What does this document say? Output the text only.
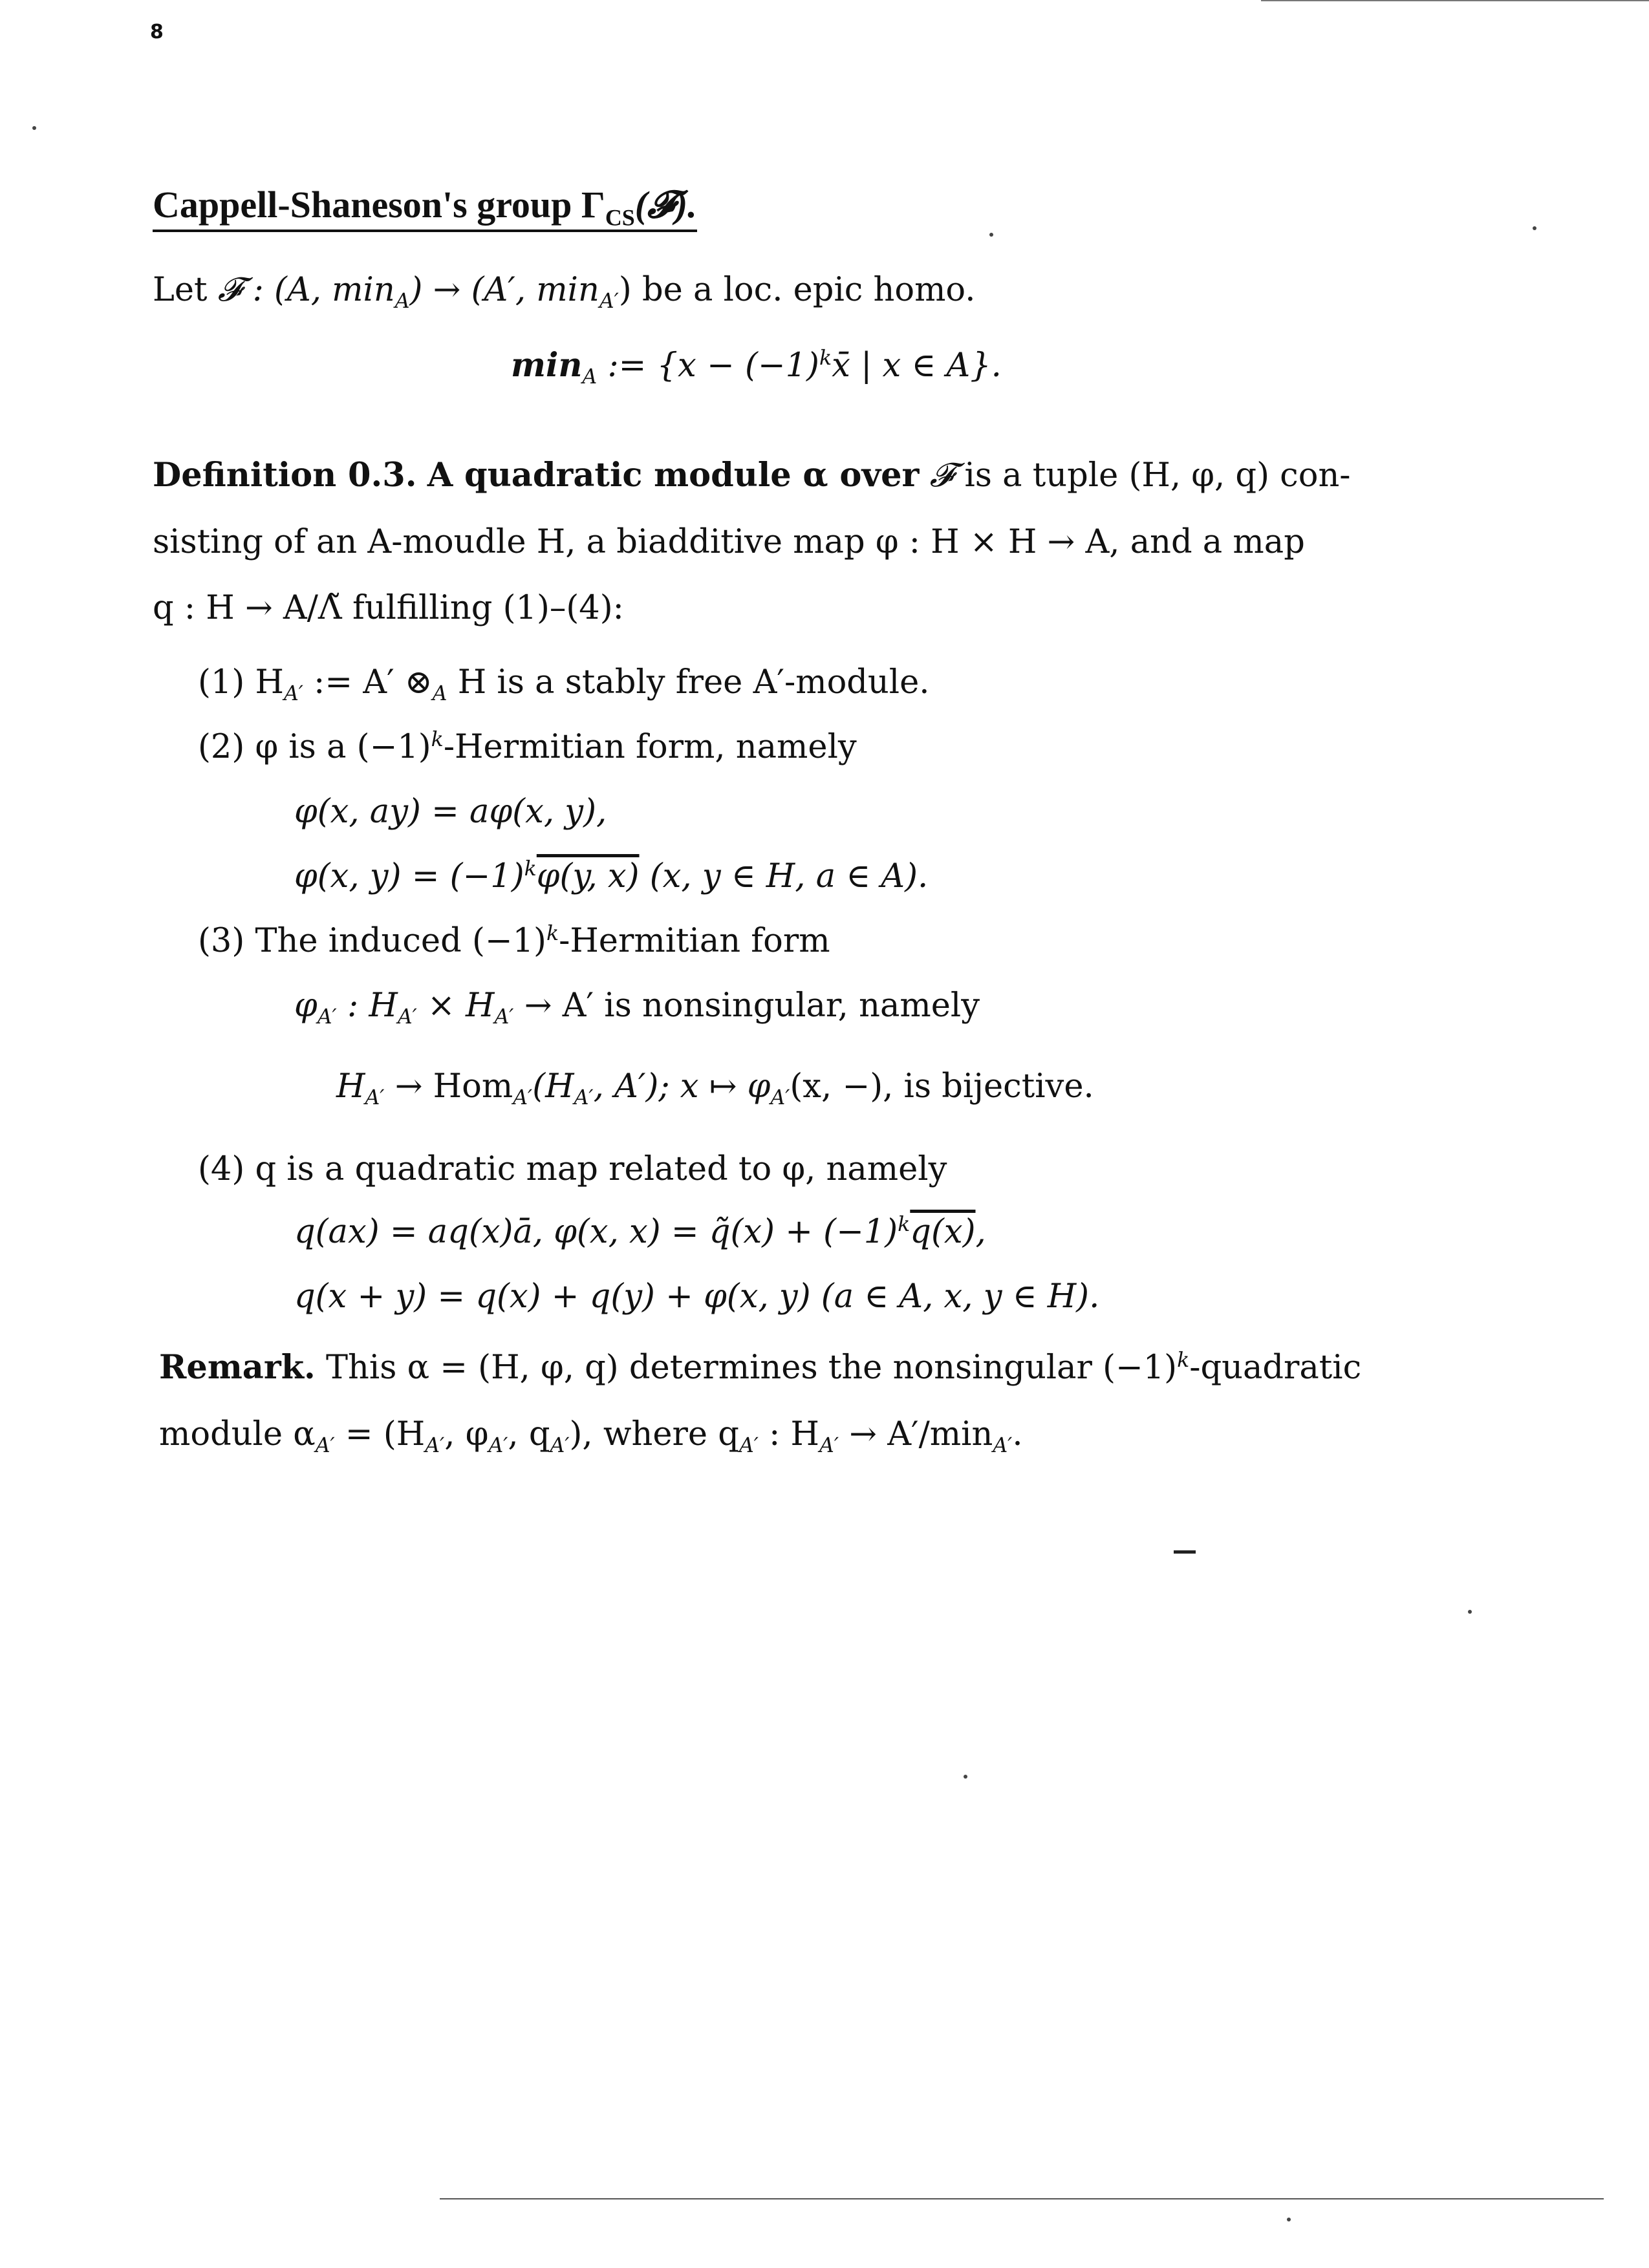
8
Cappell-Shaneson's group $\Gamma_{CS}(𝓕)$.
Let 𝓕 : (A, $\min_A) \to (A'$, $\min_{A'}$) be a loc. epic homo.
$\min_A$ := {$x - (-1)^kx̄$ | x ∈ A}.
Definition 0.3. A quadratic module α over 𝓕 is a tuple (H, φ, q) con-
sisting of an A-moudle H, a biadditive map φ : H × H → A, and a map
q : H → A/Λ̃ fulfilling (1)–(4):
(1) $H_{A'}$ := A′ $\otimes_A$ H is a stably free A′-module.
(2) φ is a $(-1)^k$-Hermitian form, namely
φ(x, ay) = aφ(x, y),
φ(x, $y) = (-1)^k\varphi(y$, x) (x, y ∈ H, a ∈ A).
(3) The induced $(-1)^k$-Hermitian form
$\varphi_{A'}$ : $H_{A'} \times H_{A'} \to A'$ is nonsingular, namely
$H_{A'} \to Hom_{A'}(H_{A'}$, A′); x ↦ $\varphi_{A'}(x$, −), is bijective.
(4) q is a quadratic map related to φ, namely
q(ax) = aq(x)ā, φ(x, x) = q̃(x) + $(-1)^kq(x)$,
q(x + y) = q(x) + q(y) + φ(x, y) (a ∈ A, x, y ∈ H).
Remark. This α = (H, φ, q) determines the nonsingular $(-1)^k$-quadratic
module $\alpha_{A'} = (H_{A'}$, $\varphi_{A'}$, $q_{A'}$), where $q_{A'}$ : $H_{A'} \to A'/\min_{A'}$.
